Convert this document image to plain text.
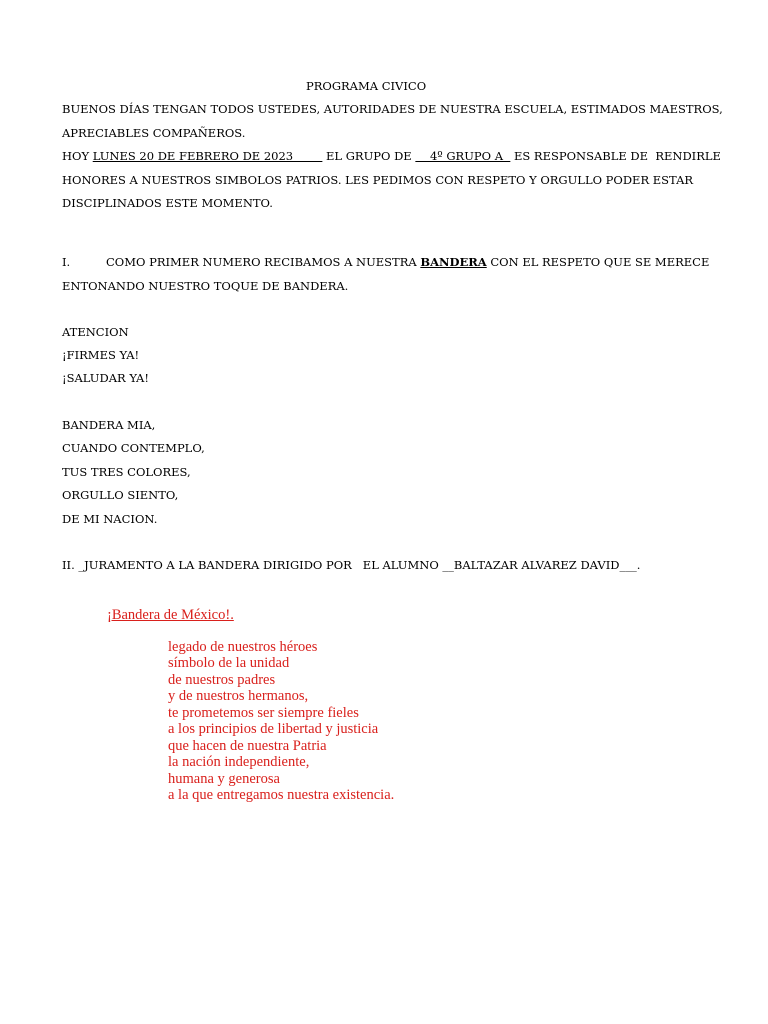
PROGRAMA CIVICO
BUENOS DÍAS TENGAN TODOS USTEDES, AUTORIDADES DE NUESTRA ESCUELA, ESTIMADOS MAESTROS,
APRECIABLES COMPAÑEROS.
HOY LUNES 20 DE FEBRERO DE 2023         EL GRUPO DE     4º GRUPO A   ES RESPONSABLE DE  RENDIRLE
HONORES A NUESTROS SIMBOLOS PATRIOS. LES PEDIMOS CON RESPETO Y ORGULLO PODER ESTAR
DISCIPLINADOS ESTE MOMENTO.
I.	COMO PRIMER NUMERO RECIBAMOS A NUESTRA BANDERA CON EL RESPETO QUE SE MERECE
ENTONANDO NUESTRO TOQUE DE BANDERA.
ATENCION
¡FIRMES YA!
¡SALUDAR YA!
BANDERA MIA,
CUANDO CONTEMPLO,
TUS TRES COLORES,
ORGULLO SIENTO,
DE MI NACION.
II. _JURAMENTO A LA BANDERA DIRIGIDO POR   EL ALUMNO __BALTAZAR ALVAREZ DAVID___.
¡Bandera de México!.
legado de nuestros héroes
símbolo de la unidad
de nuestros padres
y de nuestros hermanos,
te prometemos ser siempre fieles
a los principios de libertad y justicia
que hacen de nuestra Patria
la nación independiente,
humana y generosa
a la que entregamos nuestra existencia.
